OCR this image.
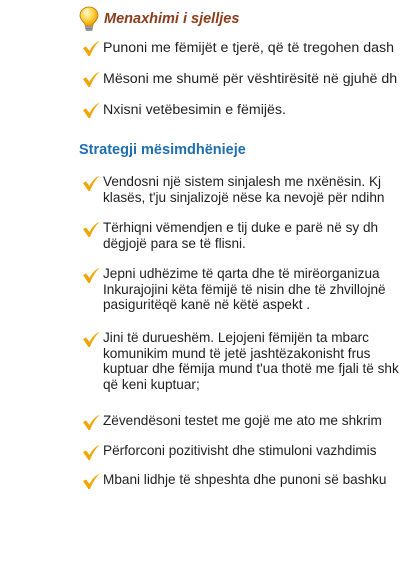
Menaxhimi i sjelljes
Punoni me fëmijët e tjerë, që të tregohen dash
Mësoni me shumë për vështirësitë në gjuhë dh
Nxisni vetëbesimin e fëmijës.
Strategji mësimdhënieje
Vendosni një sistem sinjalesh me nxënësin. Kj
klasës, t'ju sinjalizojë nëse ka nevojë për ndihn
Tërhiqni vëmendjen e tij duke e parë në sy dh
dëgjojë para se të flisni.
Jepni udhëzime të qarta dhe të mirëorganizua
Inkurajojini këta fëmijë të nisin dhe të zhvillojnë
pasiguritëqë kanë në këtë aspekt .
Jini të durueshëm. Lejojeni fëmijën ta mbarc
komunikim mund të jetë jashtëzakonisht frus
kuptuar dhe fëmija mund t'ua thotë me fjali të shk
që keni kuptuar;
Zëvendësoni testet me gojë me ato me shkrim
Përforconi pozitivisht dhe stimuloni vazhdimis
Mbani lidhje të shpeshta dhe punoni së bashku
